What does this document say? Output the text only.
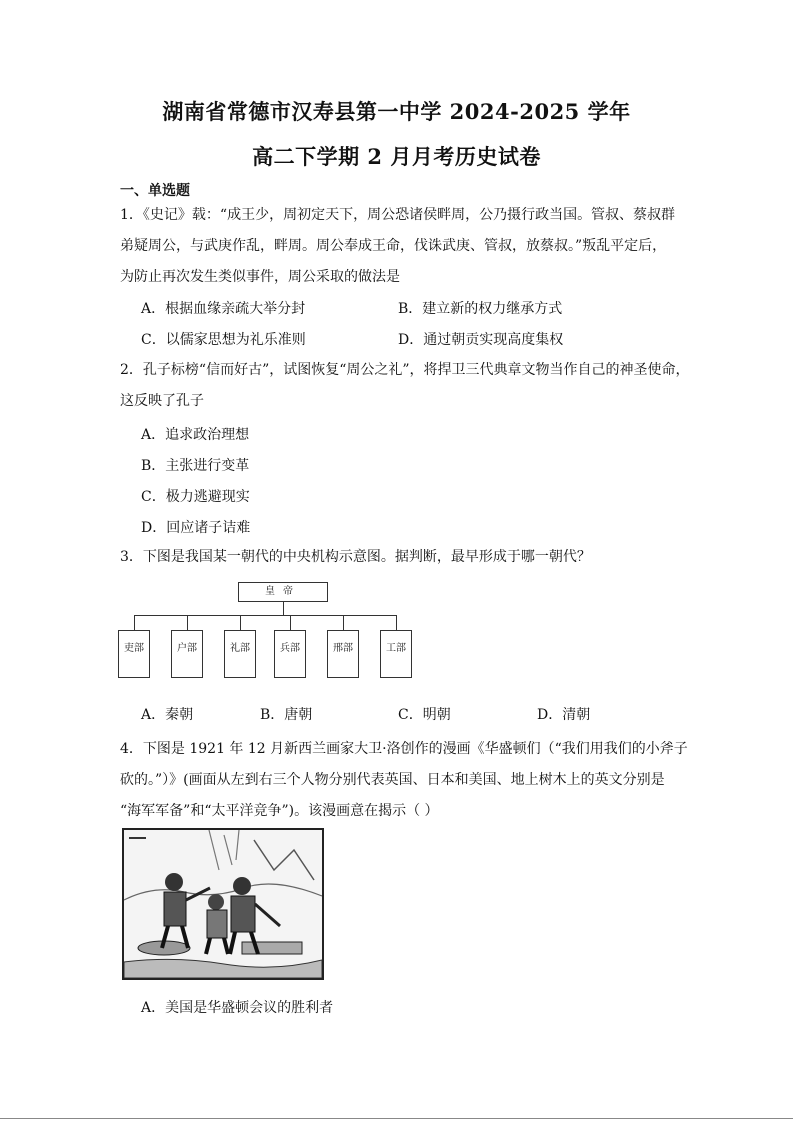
湖南省常德市汉寿县第一中学 2024-2025 学年
高二下学期 2 月月考历史试卷
一、单选题
1．《史记》载：“成王少，周初定天下，周公恐诸侯畔周，公乃摄行政当国。管叔、蔡叔群
弟疑周公，与武庚作乱，畔周。周公奉成王命，伐诛武庚、管叔，放蔡叔。”叛乱平定后，
为防止再次发生类似事件，周公采取的做法是
A．根据血缘亲疏大举分封	B．建立新的权力继承方式
C．以儒家思想为礼乐准则	D．通过朝贡实现高度集权
2．孔子标榜“信而好古”，试图恢复“周公之礼”，将捍卫三代典章文物当作自己的神圣使命，
这反映了孔子
A．追求政治理想
B．主张进行变革
C．极力逃避现实
D．回应诸子诘难
3．下图是我国某一朝代的中央机构示意图。据判断，最早形成于哪一朝代？
皇帝
吏部	户部	礼部	兵部	邢部	工部
A．秦朝	B．唐朝	C．明朝	D．清朝
4．下图是 1921 年 12 月新西兰画家大卫·洛创作的漫画《华盛顿们（“我们用我们的小斧子
砍的。”）》(画面从左到右三个人物分别代表英国、日本和美国、地上树木上的英文分别是
“海军军备”和“太平洋竞争”)。该漫画意在揭示（ ）
A．美国是华盛顿会议的胜利者
